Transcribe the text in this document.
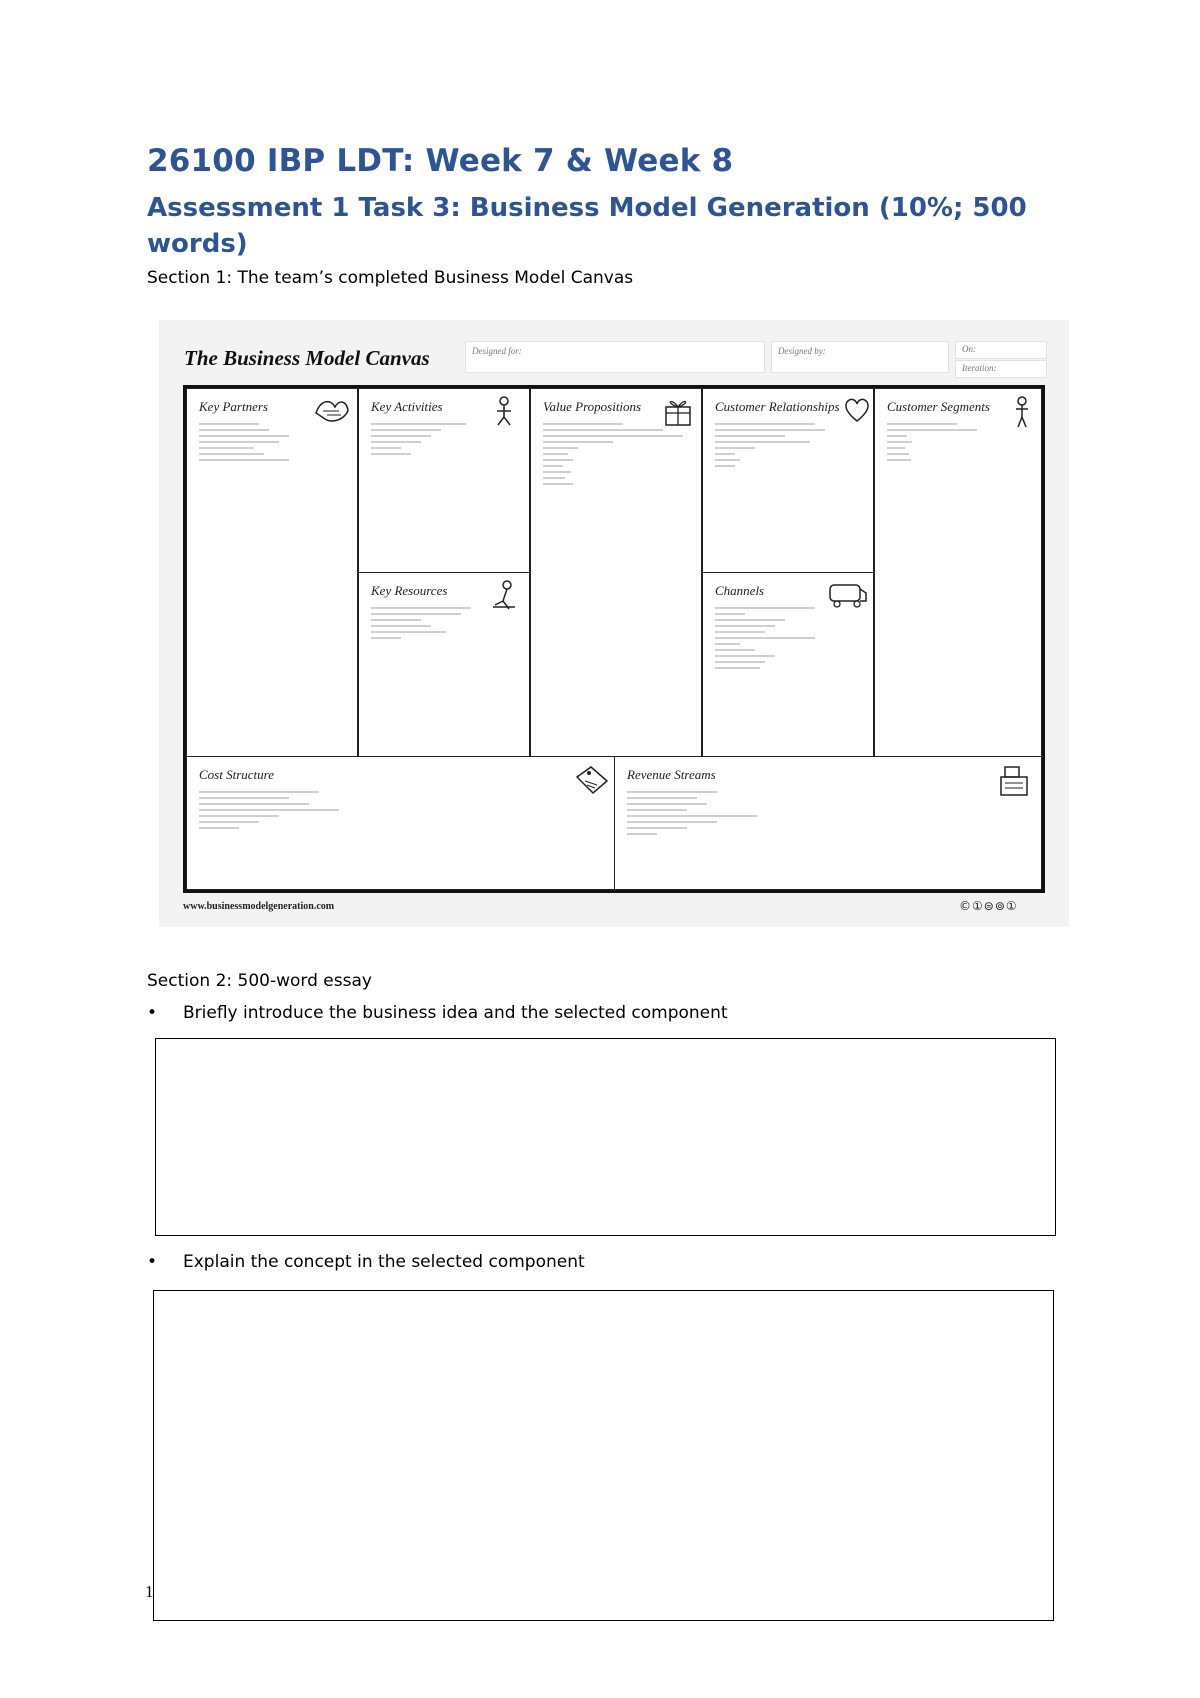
26100 IBP LDT: Week 7 & Week 8
Assessment 1 Task 3: Business Model Generation (10%; 500 words)

Section 1: The team’s completed Business Model Canvas

The Business Model Canvas	Designed for:	Designed by:	On:
Iteration:
Key Partners	Key Activities
Key Resources
Value Propositions	Customer Relationships
Channels
Customer Segments
Cost Structure	Revenue Streams
www.businessmodelgeneration.com	©①⊜⊚①

Section 2: 500-word essay

• Briefly introduce the business idea and the selected component
• Explain the concept in the selected component
1
